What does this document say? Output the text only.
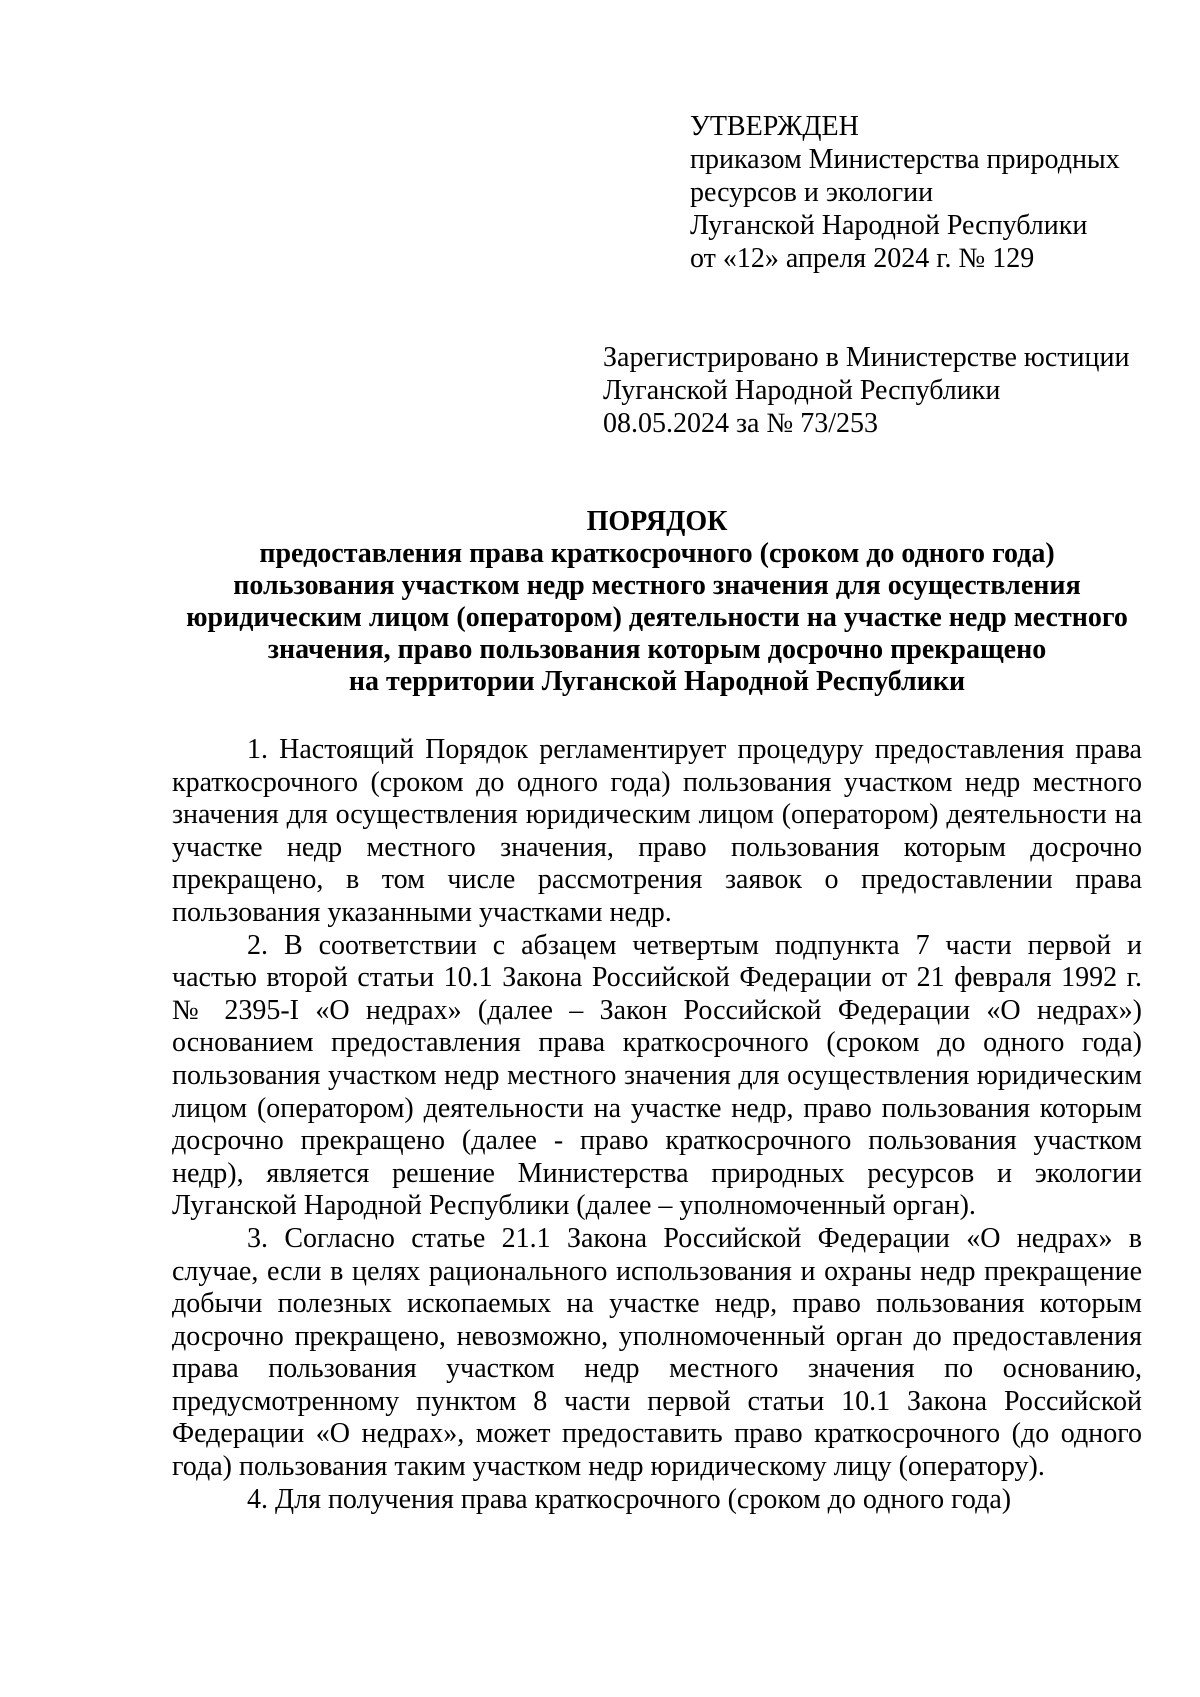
УТВЕРЖДЕН
приказом Министерства природных
ресурсов и экологии
Луганской Народной Республики
от «12» апреля 2024 г. № 129
Зарегистрировано в Министерстве юстиции
Луганской Народной Республики
08.05.2024 за № 73/253
ПОРЯДОК
предоставления права краткосрочного (сроком до одного года)
пользования участком недр местного значения для осуществления
юридическим лицом (оператором) деятельности на участке недр местного
значения, право пользования которым досрочно прекращено
на территории Луганской Народной Республики

1. Настоящий Порядок регламентирует процедуру предоставления права краткосрочного (сроком до одного года) пользования участком недр местного значения для осуществления юридическим лицом (оператором) деятельности на участке недр местного значения, право пользования которым досрочно прекращено, в том числе рассмотрения заявок о предоставлении права пользования указанными участками недр.

2. В соответствии с абзацем четвертым подпункта 7 части первой и частью второй статьи 10.1 Закона Российской Федерации от 21 февраля 1992 г. № 2395-I «О недрах» (далее – Закон Российской Федерации «О недрах») основанием предоставления права краткосрочного (сроком до одного года) пользования участком недр местного значения для осуществления юридическим лицом (оператором) деятельности на участке недр, право пользования которым досрочно прекращено (далее - право краткосрочного пользования участком недр), является решение Министерства природных ресурсов и экологии Луганской Народной Республики (далее – уполномоченный орган).

3. Согласно статье 21.1 Закона Российской Федерации «О недрах» в случае, если в целях рационального использования и охраны недр прекращение добычи полезных ископаемых на участке недр, право пользования которым досрочно прекращено, невозможно, уполномоченный орган до предоставления права пользования участком недр местного значения по основанию, предусмотренному пунктом 8 части первой статьи 10.1 Закона Российской Федерации «О недрах», может предоставить право краткосрочного (до одного года) пользования таким участком недр юридическому лицу (оператору).

4. Для получения права краткосрочного (сроком до одного года)
